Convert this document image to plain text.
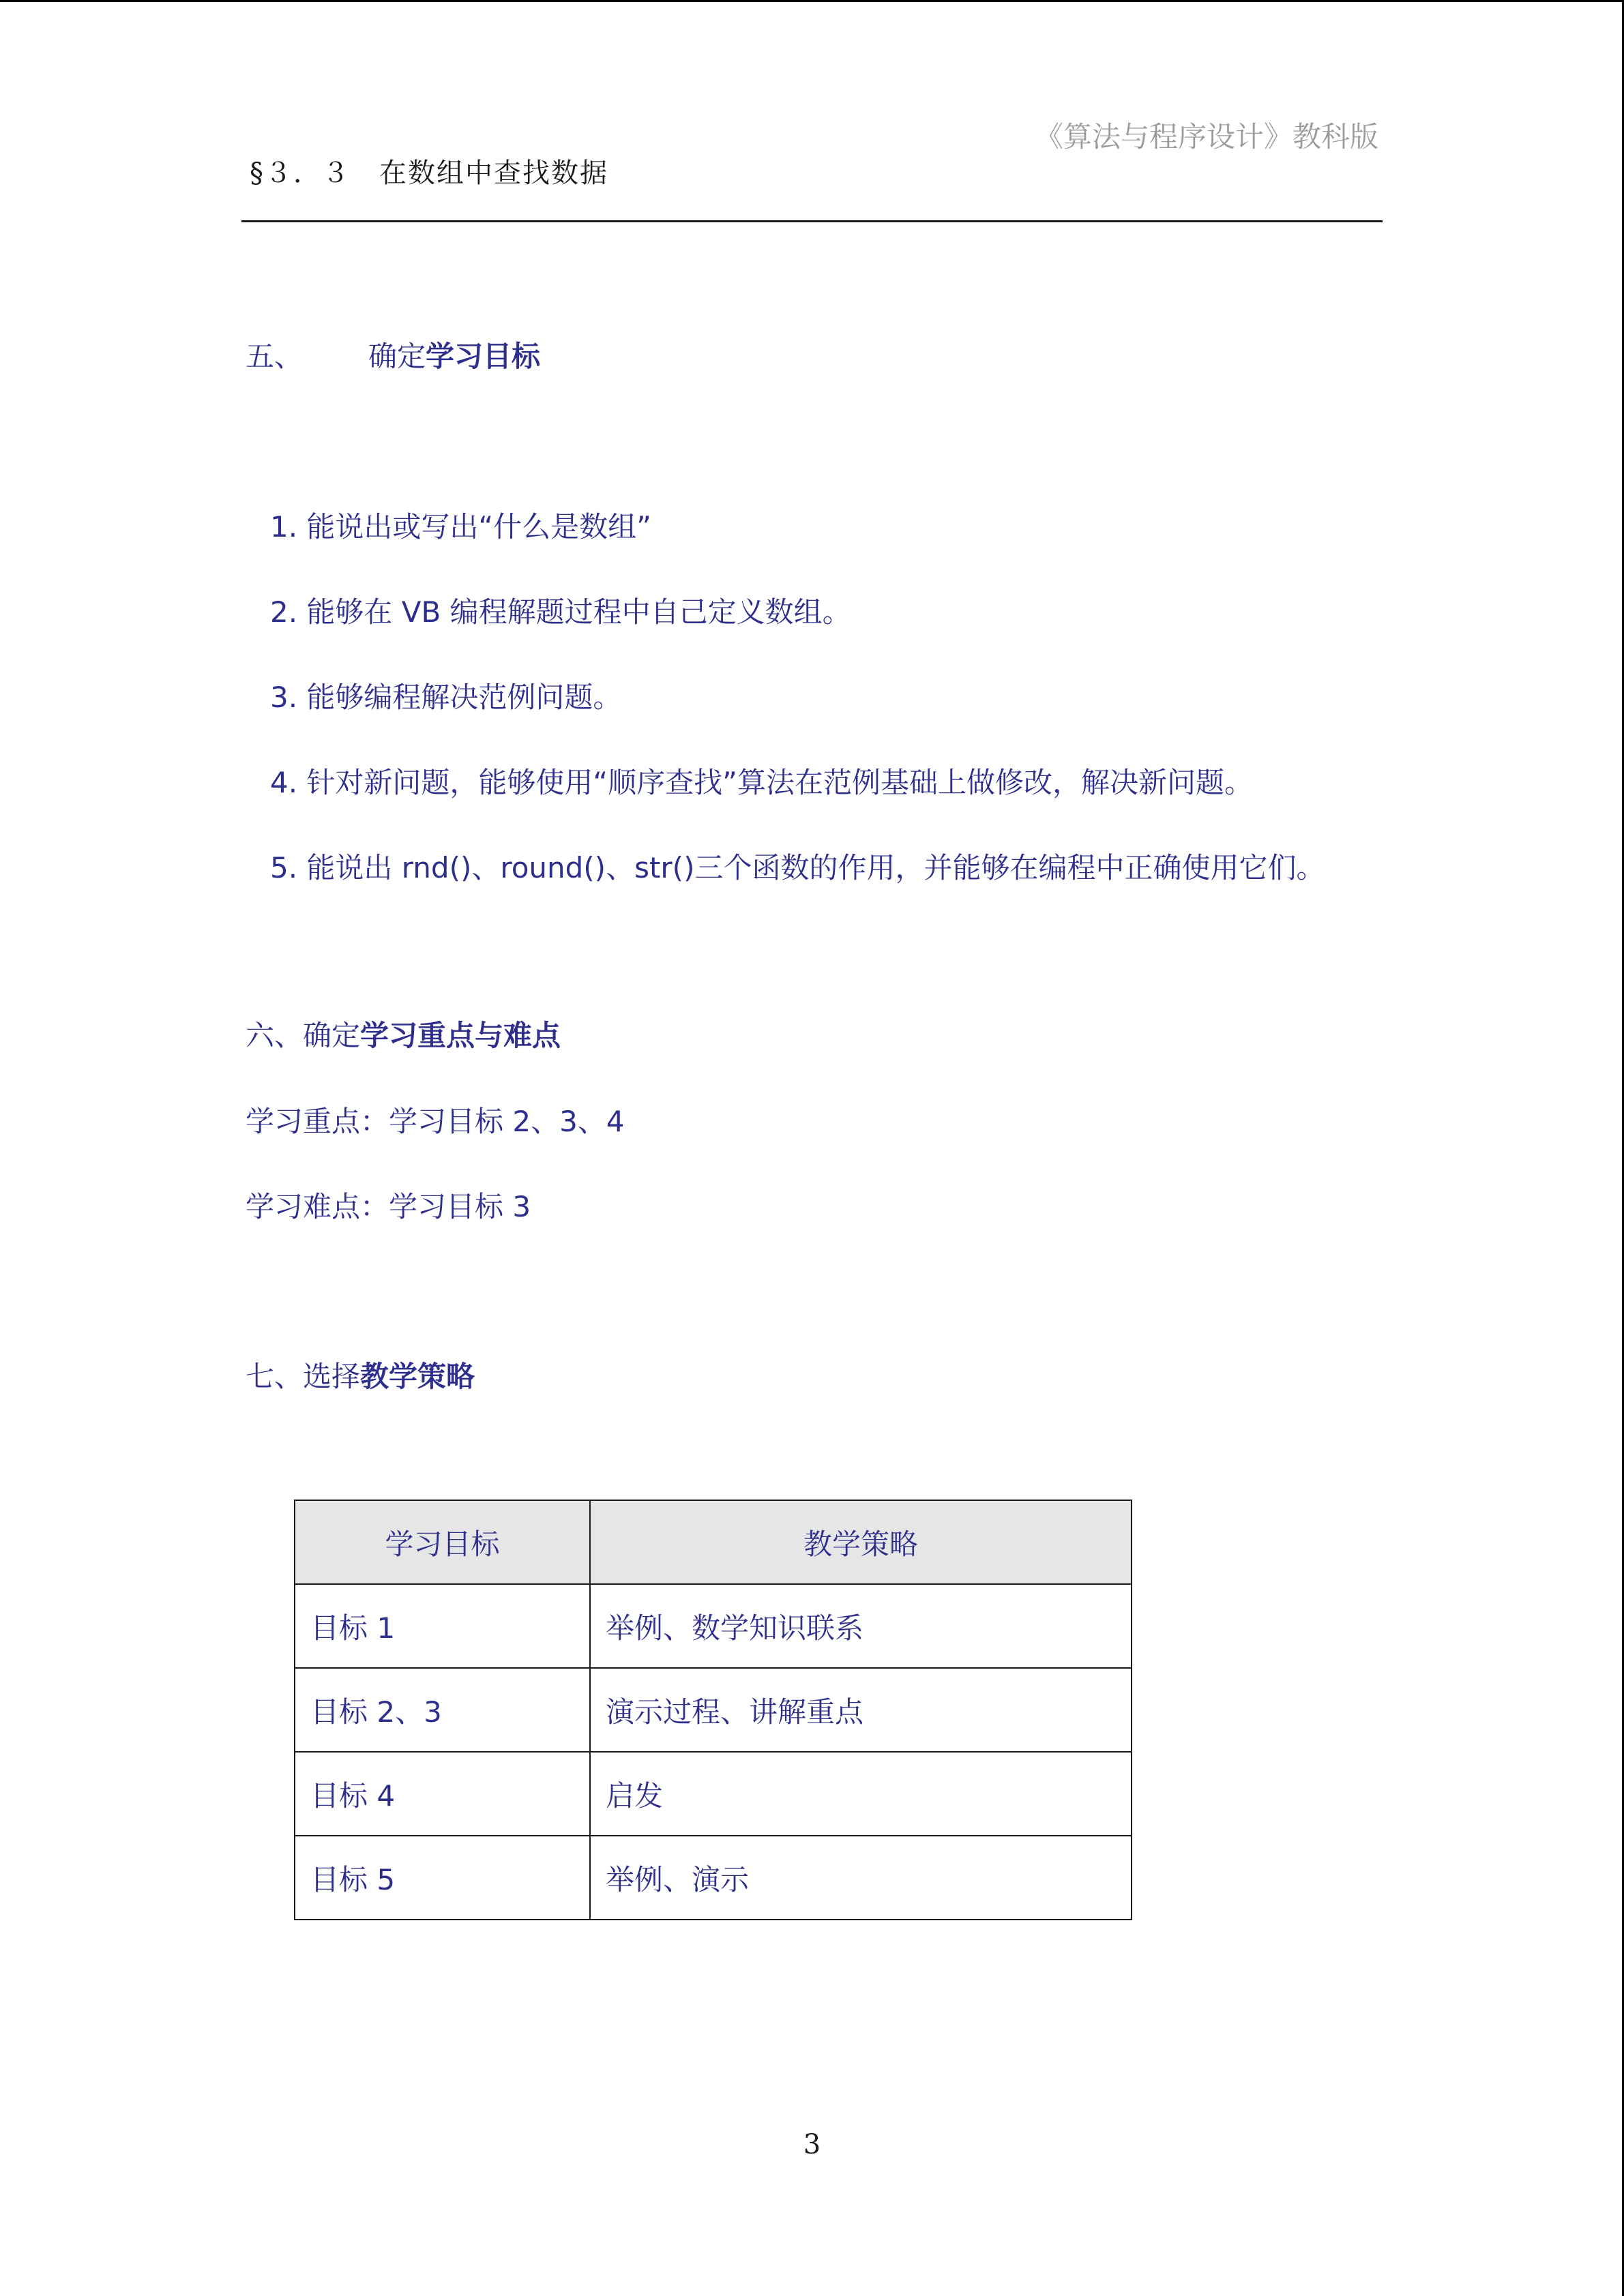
《算法与程序设计》教科版
§３．３　在数组中查找数据
五、 确定学习目标
1. 能说出或写出“什么是数组”
2. 能够在 VB 编程解题过程中自己定义数组。
3. 能够编程解决范例问题。
4. 针对新问题，能够使用“顺序查找”算法在范例基础上做修改，解决新问题。
5. 能说出 rnd()、round()、str()三个函数的作用，并能够在编程中正确使用它们。
六、确定学习重点与难点
学习重点：学习目标 2、3、4
学习难点：学习目标 3
七、选择教学策略
学习目标	教学策略
目标 1	举例、数学知识联系
目标 2、3	演示过程、讲解重点
目标 4	启发
目标 5	举例、演示
3
